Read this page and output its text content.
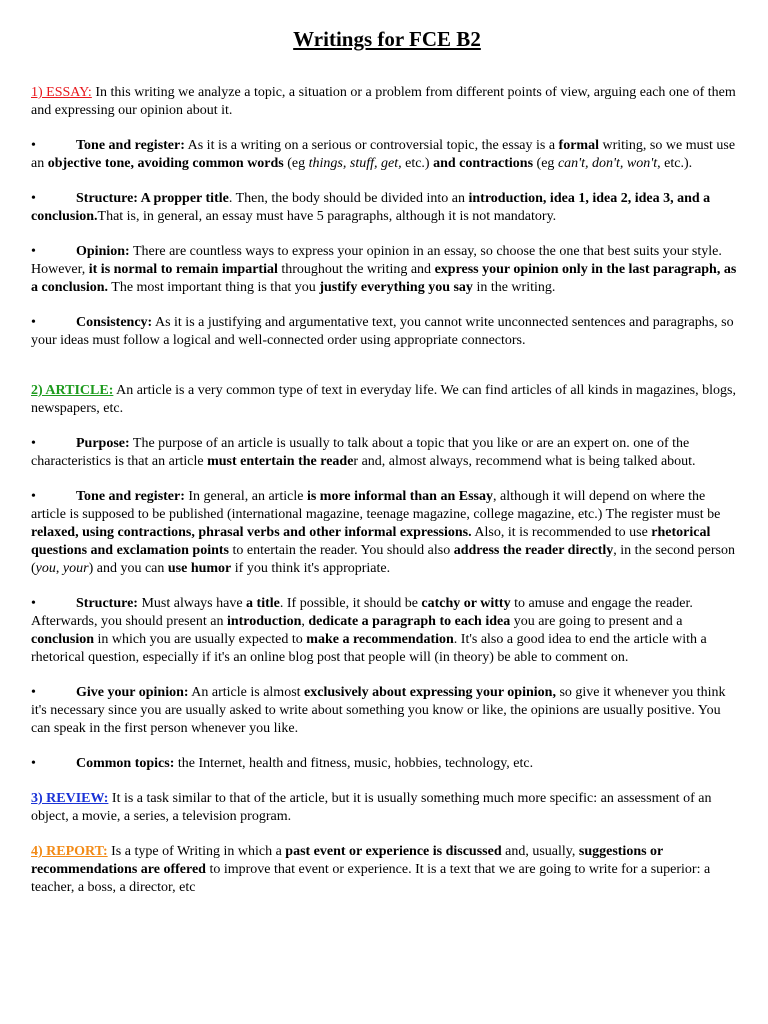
Writings for FCE B2

1) ESSAY: In this writing we analyze a topic, a situation or a problem from different points of view, arguing each one of them and expressing our opinion about it.

•	Tone and register: As it is a writing on a serious or controversial topic, the essay is a formal writing, so we must use an objective tone, avoiding common words (eg things, stuff, get, etc.) and contractions (eg can't, don't, won't, etc.).

•	Structure: A propper title. Then, the body should be divided into an introduction, idea 1, idea 2, idea 3, and a conclusion.That is, in general, an essay must have 5 paragraphs, although it is not mandatory.

•	Opinion: There are countless ways to express your opinion in an essay, so choose the one that best suits your style. However, it is normal to remain impartial throughout the writing and express your opinion only in the last paragraph, as a conclusion. The most important thing is that you justify everything you say in the writing.

•	Consistency: As it is a justifying and argumentative text, you cannot write unconnected sentences and paragraphs, so your ideas must follow a logical and well-connected order using appropriate connectors.

2) ARTICLE: An article is a very common type of text in everyday life. We can find articles of all kinds in magazines, blogs, newspapers, etc.

•	Purpose: The purpose of an article is usually to talk about a topic that you like or are an expert on. one of the characteristics is that an article must entertain the reader and, almost always, recommend what is being talked about.

•	Tone and register: In general, an article is more informal than an Essay, although it will depend on where the article is supposed to be published (international magazine, teenage magazine, college magazine, etc.) The register must be relaxed, using contractions, phrasal verbs and other informal expressions. Also, it is recommended to use rhetorical questions and exclamation points to entertain the reader. You should also address the reader directly, in the second person (you, your) and you can use humor if you think it's appropriate.

•	Structure: Must always have a title. If possible, it should be catchy or witty to amuse and engage the reader. Afterwards, you should present an introduction, dedicate a paragraph to each idea you are going to present and a conclusion in which you are usually expected to make a recommendation. It's also a good idea to end the article with a rhetorical question, especially if it's an online blog post that people will (in theory) be able to comment on.

•	Give your opinion: An article is almost exclusively about expressing your opinion, so give it whenever you think it's necessary since you are usually asked to write about something you know or like, the opinions are usually positive. You can speak in the first person whenever you like.

•	Common topics: the Internet, health and fitness, music, hobbies, technology, etc.

3) REVIEW: It is a task similar to that of the article, but it is usually something much more specific: an assessment of an object, a movie, a series, a television program.

4) REPORT: Is a type of Writing in which a past event or experience is discussed and, usually, suggestions or recommendations are offered to improve that event or experience. It is a text that we are going to write for a superior: a teacher, a boss, a director, etc
